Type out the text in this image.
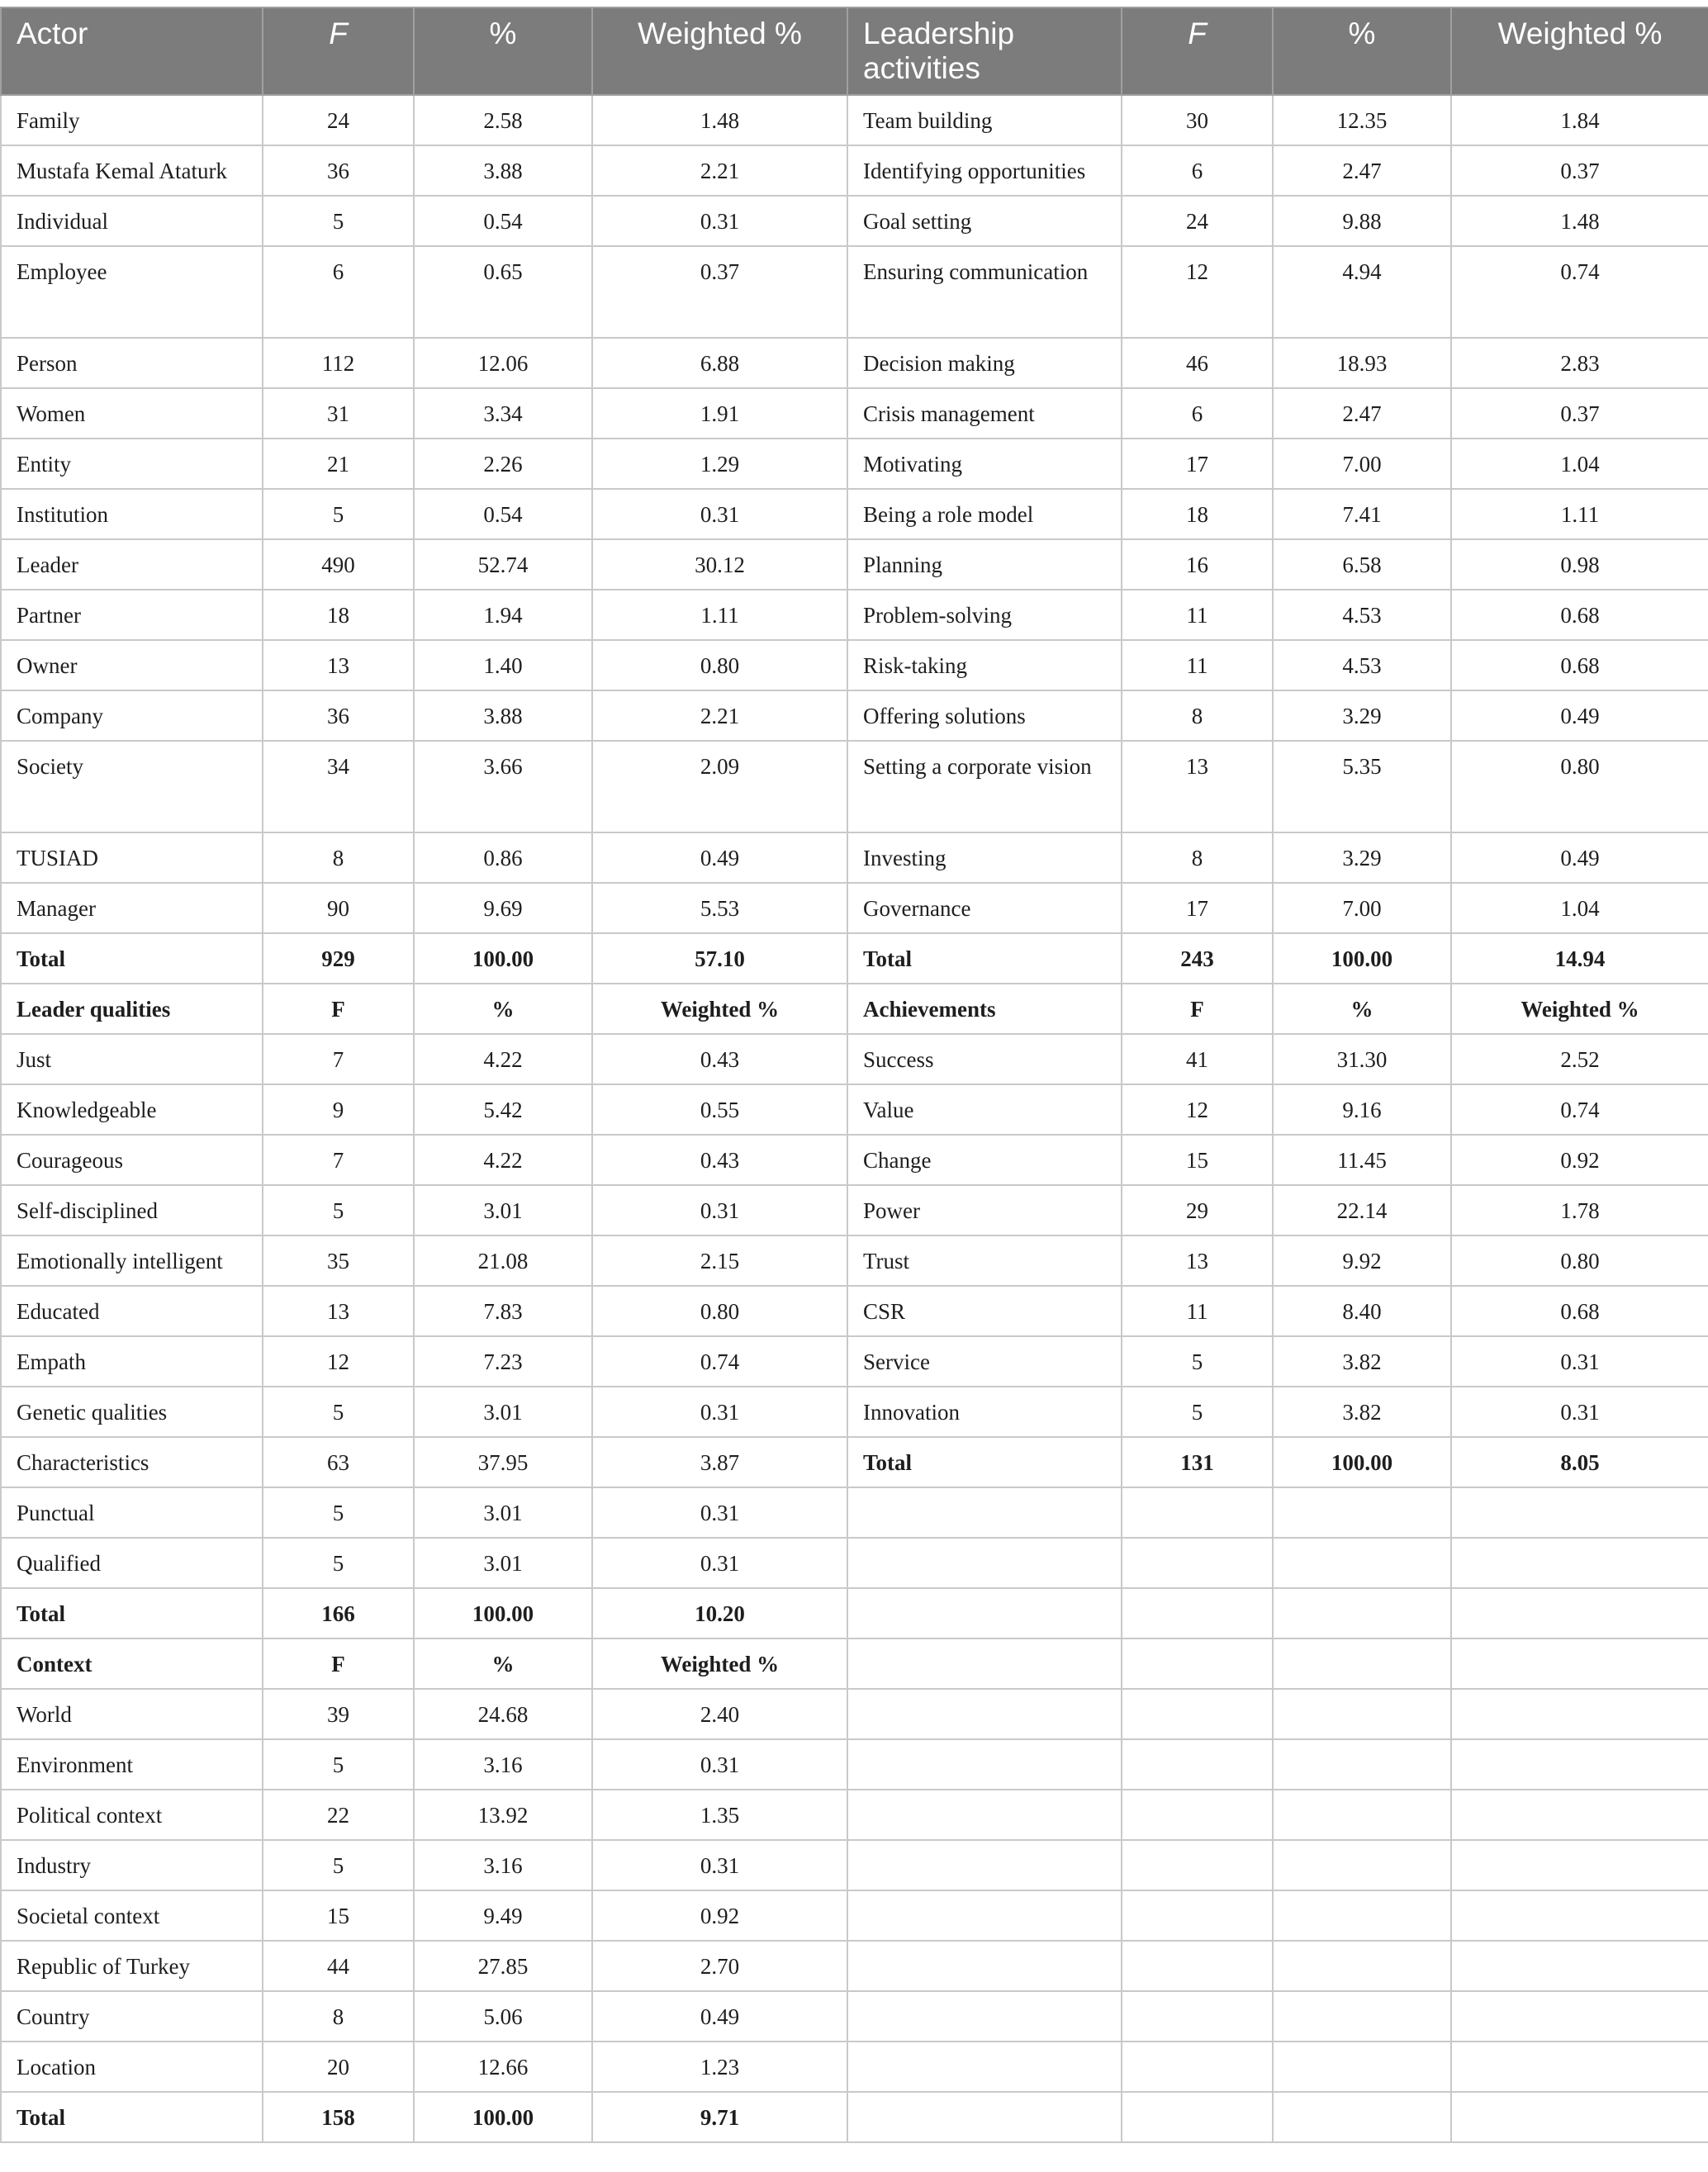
Actor	F	%	Weighted %	Leadership activities	F	%	Weighted %
Family	24	2.58	1.48	Team building	30	12.35	1.84
Mustafa Kemal Ataturk	36	3.88	2.21	Identifying opportunities	6	2.47	0.37
Individual	5	0.54	0.31	Goal setting	24	9.88	1.48
Employee	6	0.65	0.37	Ensuring communication	12	4.94	0.74
Person	112	12.06	6.88	Decision making	46	18.93	2.83
Women	31	3.34	1.91	Crisis management	6	2.47	0.37
Entity	21	2.26	1.29	Motivating	17	7.00	1.04
Institution	5	0.54	0.31	Being a role model	18	7.41	1.11
Leader	490	52.74	30.12	Planning	16	6.58	0.98
Partner	18	1.94	1.11	Problem-solving	11	4.53	0.68
Owner	13	1.40	0.80	Risk-taking	11	4.53	0.68
Company	36	3.88	2.21	Offering solutions	8	3.29	0.49
Society	34	3.66	2.09	Setting a corporate vision	13	5.35	0.80
TUSIAD	8	0.86	0.49	Investing	8	3.29	0.49
Manager	90	9.69	5.53	Governance	17	7.00	1.04
Total	929	100.00	57.10	Total	243	100.00	14.94
Leader qualities	F	%	Weighted %	Achievements	F	%	Weighted %
Just	7	4.22	0.43	Success	41	31.30	2.52
Knowledgeable	9	5.42	0.55	Value	12	9.16	0.74
Courageous	7	4.22	0.43	Change	15	11.45	0.92
Self-disciplined	5	3.01	0.31	Power	29	22.14	1.78
Emotionally intelligent	35	21.08	2.15	Trust	13	9.92	0.80
Educated	13	7.83	0.80	CSR	11	8.40	0.68
Empath	12	7.23	0.74	Service	5	3.82	0.31
Genetic qualities	5	3.01	0.31	Innovation	5	3.82	0.31
Characteristics	63	37.95	3.87	Total	131	100.00	8.05
Punctual	5	3.01	0.31				
Qualified	5	3.01	0.31				
Total	166	100.00	10.20				
Context	F	%	Weighted %				
World	39	24.68	2.40				
Environment	5	3.16	0.31				
Political context	22	13.92	1.35				
Industry	5	3.16	0.31				
Societal context	15	9.49	0.92				
Republic of Turkey	44	27.85	2.70				
Country	8	5.06	0.49				
Location	20	12.66	1.23				
Total	158	100.00	9.71				
